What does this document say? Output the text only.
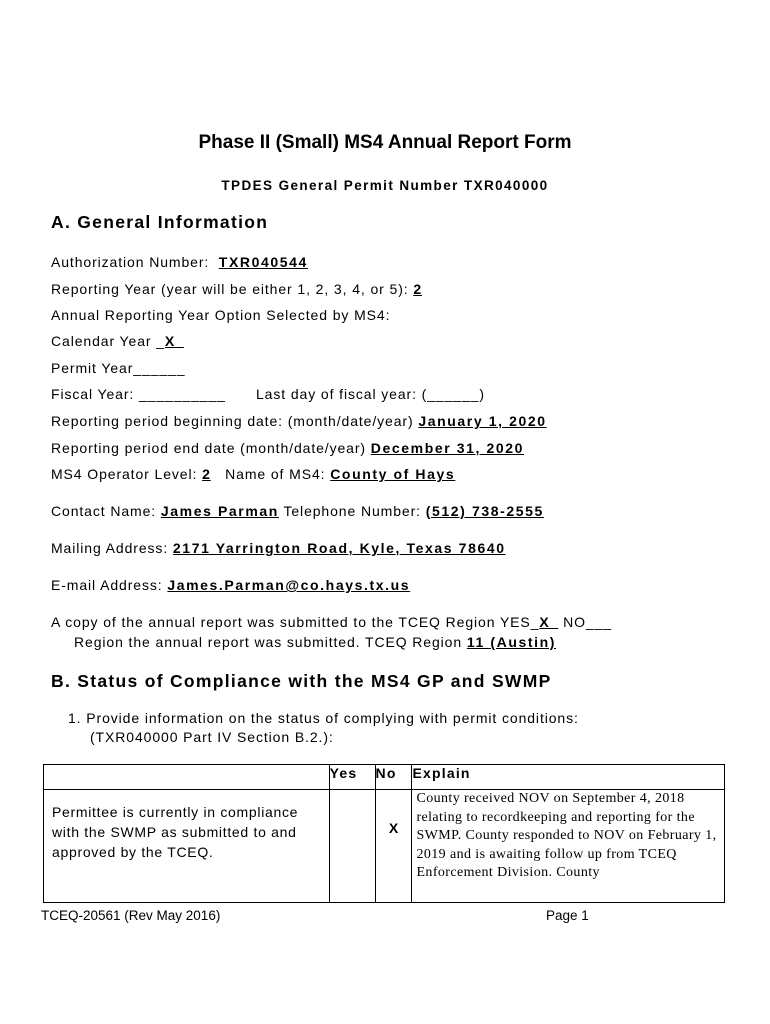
Phase II (Small) MS4 Annual Report Form
TPDES General Permit Number TXR040000
A. General Information
Authorization Number: TXR040544
Reporting Year (year will be either 1, 2, 3, 4, or 5): 2
Annual Reporting Year Option Selected by MS4:
Calendar Year _X_
Permit Year______
Fiscal Year: __________ Last day of fiscal year: (______)
Reporting period beginning date: (month/date/year) January 1, 2020
Reporting period end date (month/date/year) December 31, 2020
MS4 Operator Level: 2 Name of MS4: County of Hays
Contact Name: James Parman Telephone Number: (512) 738-2555
Mailing Address: 2171 Yarrington Road, Kyle, Texas 78640
E-mail Address: James.Parman@co.hays.tx.us
A copy of the annual report was submitted to the TCEQ Region YES_X_ NO___
Region the annual report was submitted. TCEQ Region 11 (Austin)
B. Status of Compliance with the MS4 GP and SWMP
1. Provide information on the status of complying with permit conditions:
(TXR040000 Part IV Section B.2.):
	Yes	No	Explain
Permittee is currently in compliance with the SWMP as submitted to and approved by the TCEQ.		X	County received NOV on September 4, 2018 relating to recordkeeping and reporting for the SWMP. County responded to NOV on February 1, 2019 and is awaiting follow up from TCEQ Enforcement Division. County
TCEQ-20561 (Rev May 2016)	Page 1
